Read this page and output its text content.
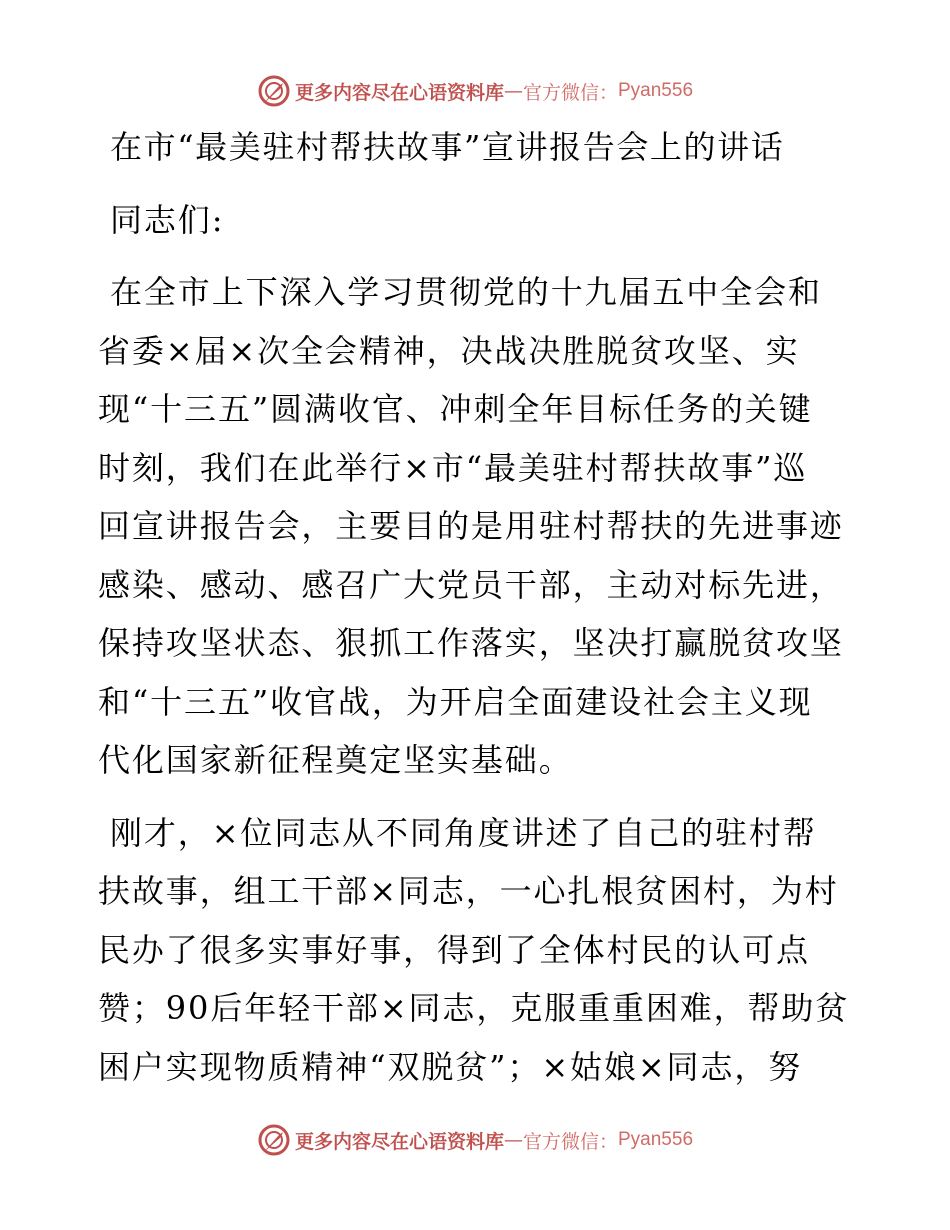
更多内容尽在心语资料库 — 官方微信： Pyan556
在市“最美驻村帮扶故事”宣讲报告会上的讲话
同志们:
在全市上下深入学习贯彻党的十九届五中全会和
省委×届×次全会精神，决战决胜脱贫攻坚、实
现“十三五”圆满收官、冲刺全年目标任务的关键
时刻，我们在此举行×市“最美驻村帮扶故事”巡
回宣讲报告会，主要目的是用驻村帮扶的先进事迹
感染、感动、感召广大党员干部，主动对标先进，
保持攻坚状态、狠抓工作落实，坚决打赢脱贫攻坚
和“十三五”收官战，为开启全面建设社会主义现
代化国家新征程奠定坚实基础。
刚才，×位同志从不同角度讲述了自己的驻村帮
扶故事，组工干部×同志，一心扎根贫困村，为村
民办了很多实事好事，得到了全体村民的认可点
赞；90后年轻干部×同志，克服重重困难，帮助贫
困户实现物质精神“双脱贫”；×姑娘×同志，努
更多内容尽在心语资料库 — 官方微信： Pyan556
